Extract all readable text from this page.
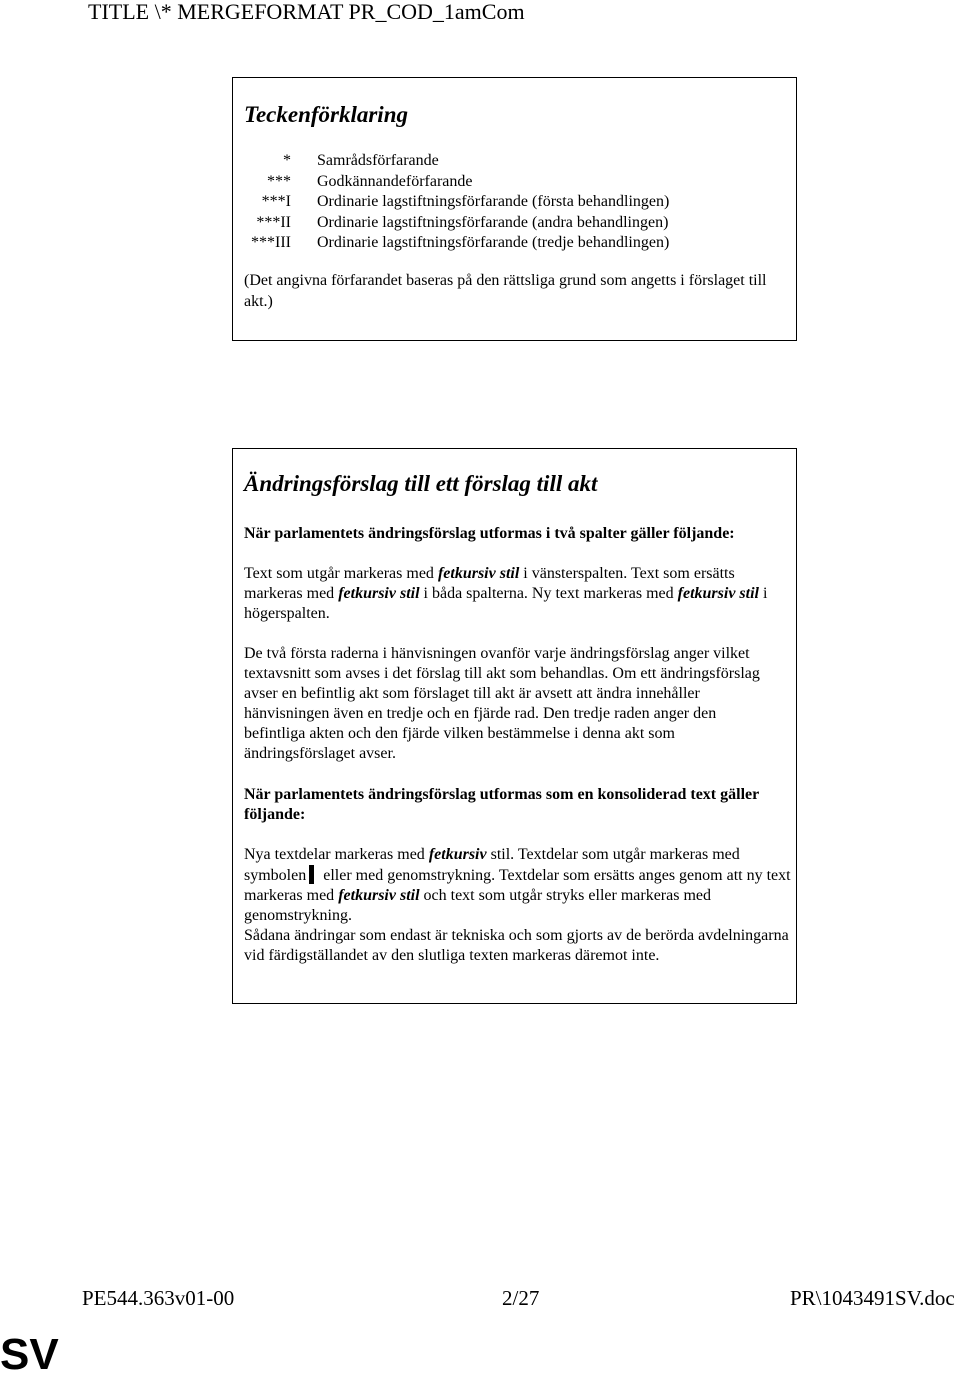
TITLE \* MERGEFORMAT PR_COD_1amCom
Teckenförklaring
* Samrådsförfarande
*** Godkännandeförfarande
***I Ordinarie lagstiftningsförfarande (första behandlingen)
***II Ordinarie lagstiftningsförfarande (andra behandlingen)
***III Ordinarie lagstiftningsförfarande (tredje behandlingen)
(Det angivna förfarandet baseras på den rättsliga grund som angetts i förslaget till akt.)
Ändringsförslag till ett förslag till akt
När parlamentets ändringsförslag utformas i två spalter gäller följande:
Text som utgår markeras med fetkursiv stil i vänsterspalten. Text som ersätts markeras med fetkursiv stil i båda spalterna. Ny text markeras med fetkursiv stil i högerspalten.
De två första raderna i hänvisningen ovanför varje ändringsförslag anger vilket textavsnitt som avses i det förslag till akt som behandlas. Om ett ändringsförslag avser en befintlig akt som förslaget till akt är avsett att ändra innehåller hänvisningen även en tredje och en fjärde rad. Den tredje raden anger den befintliga akten och den fjärde vilken bestämmelse i denna akt som ändringsförslaget avser.
När parlamentets ändringsförslag utformas som en konsoliderad text gäller följande:
Nya textdelar markeras med fetkursiv stil. Textdelar som utgår markeras med symbolen eller med genomstrykning. Textdelar som ersätts anges genom att ny text markeras med fetkursiv stil och text som utgår stryks eller markeras med genomstrykning.
Sådana ändringar som endast är tekniska och som gjorts av de berörda avdelningarna vid färdigställandet av den slutliga texten markeras däremot inte.
PE544.363v01-00	2/27	PR\1043491SV.doc
SV
